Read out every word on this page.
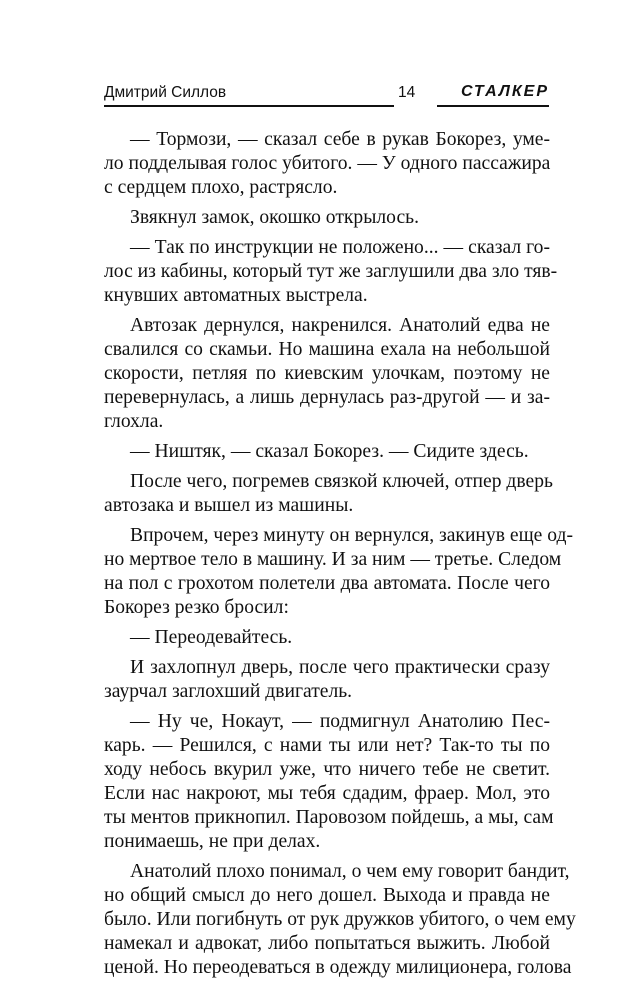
Дмитрий Силлов	14	СТАЛКЕР
— Тормози, — сказал себе в рукав Бокорез, уме-
ло подделывая голос убитого. — У одного пассажира
с сердцем плохо, растрясло.
Звякнул замок, окошко открылось.
— Так по инструкции не положено... — сказал го-
лос из кабины, который тут же заглушили два зло тяв-
кнувших автоматных выстрела.
Автозак дернулся, накренился. Анатолий едва не
свалился со скамьи. Но машина ехала на небольшой
скорости, петляя по киевским улочкам, поэтому не
перевернулась, а лишь дернулась раз-другой — и за-
глохла.
— Ништяк, — сказал Бокорез. — Сидите здесь.
После чего, погремев связкой ключей, отпер дверь
автозака и вышел из машины.
Впрочем, через минуту он вернулся, закинув еще од-
но мертвое тело в машину. И за ним — третье. Следом
на пол с грохотом полетели два автомата. После чего
Бокорез резко бросил:
— Переодевайтесь.
И захлопнул дверь, после чего практически сразу
заурчал заглохший двигатель.
— Ну че, Нокаут, — подмигнул Анатолию Пес-
карь. — Решился, с нами ты или нет? Так-то ты по
ходу небось вкурил уже, что ничего тебе не светит.
Если нас накроют, мы тебя сдадим, фраер. Мол, это
ты ментов прикнопил. Паровозом пойдешь, а мы, сам
понимаешь, не при делах.
Анатолий плохо понимал, о чем ему говорит бандит,
но общий смысл до него дошел. Выхода и правда не
было. Или погибнуть от рук дружков убитого, о чем ему
намекал и адвокат, либо попытаться выжить. Любой
ценой. Но переодеваться в одежду милиционера, голова
